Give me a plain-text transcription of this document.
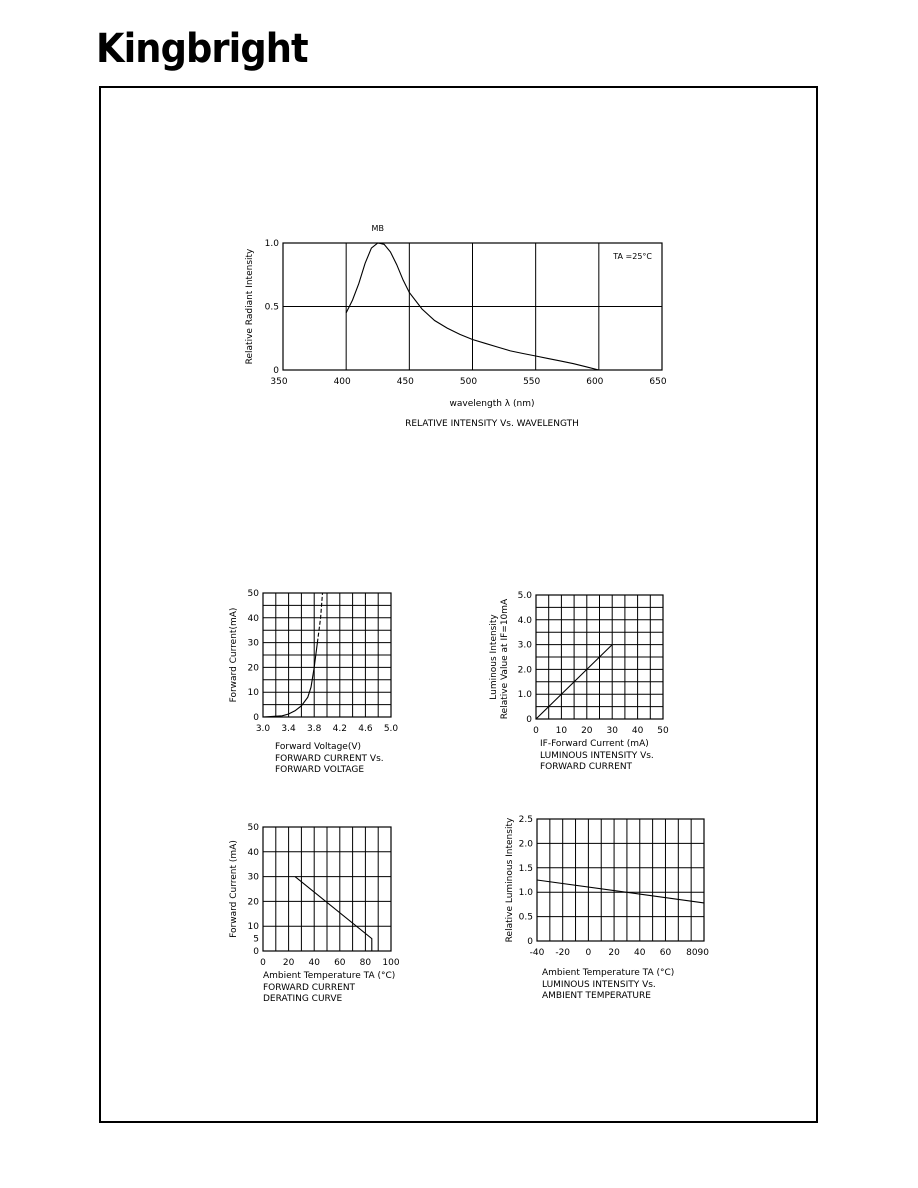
Kingbright
350	400	450	500	550	600	650
0
0.5
1.0
MB
TA =25°C
wavelength λ (nm)
Relative Radiant Intensity
RELATIVE INTENSITY Vs. WAVELENGTH
3.0 3.4 3.8 4.2 4.6 5.0
0
10
20
30
40
50
Forward Voltage(V)
Forward Current(mA)
FORWARD CURRENT Vs.
FORWARD VOLTAGE
0 10 20 30 40 50
0
1.0
2.0
3.0
4.0
5.0
IF-Forward Current (mA)
Luminous Intensity Relative Value at IF=10mA
LUMINOUS INTENSITY Vs.
FORWARD CURRENT
0 20 40 60 80 100
0
5
10
20
30
40
50
Ambient Temperature TA (°C)
Forward Current (mA)
FORWARD CURRENT
DERATING CURVE
-40 -20 0 20 40 60 8090
0
0.5
1.0
1.5
2.0
2.5
Ambient Temperature TA (°C)
Relative Luminous Intensity
LUMINOUS INTENSITY Vs.
AMBIENT TEMPERATURE
